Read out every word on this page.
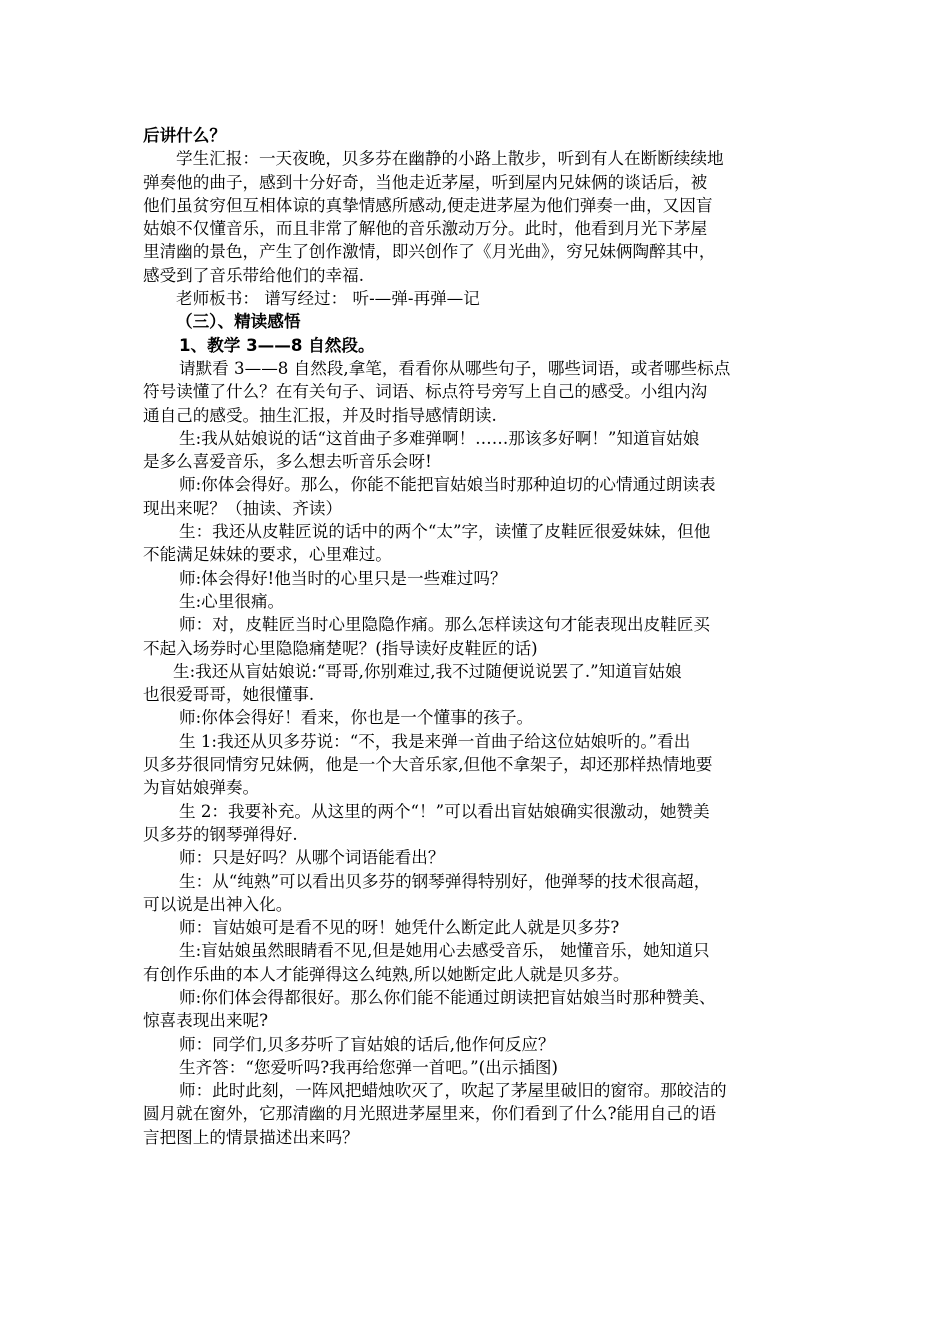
后讲什么？
学生汇报：一天夜晚，贝多芬在幽静的小路上散步，听到有人在断断续续地
弹奏他的曲子，感到十分好奇，当他走近茅屋，听到屋内兄妹俩的谈话后，被
他们虽贫穷但互相体谅的真挚情感所感动,便走进茅屋为他们弹奏一曲，又因盲
姑娘不仅懂音乐，而且非常了解他的音乐激动万分。此时，他看到月光下茅屋
里清幽的景色，产生了创作激情，即兴创作了《月光曲》，穷兄妹俩陶醉其中，
感受到了音乐带给他们的幸福.
老师板书： 谱写经过： 听-—弹-再弹—记
（三）、精读感悟
1、教学 3——8 自然段。
请默看 3——8 自然段,拿笔，看看你从哪些句子，哪些词语，或者哪些标点
符号读懂了什么？在有关句子、词语、标点符号旁写上自己的感受。小组内沟
通自己的感受。抽生汇报，并及时指导感情朗读.
生:我从姑娘说的话“这首曲子多难弹啊！……那该多好啊！”知道盲姑娘
是多么喜爱音乐，多么想去听音乐会呀!
师:你体会得好。那么，你能不能把盲姑娘当时那种迫切的心情通过朗读表
现出来呢？（抽读、齐读）
生：我还从皮鞋匠说的话中的两个“太”字，读懂了皮鞋匠很爱妹妹，但他
不能满足妹妹的要求，心里难过。
师:体会得好!他当时的心里只是一些难过吗？
生:心里很痛。
师：对，皮鞋匠当时心里隐隐作痛。那么怎样读这句才能表现出皮鞋匠买
不起入场券时心里隐隐痛楚呢？(指导读好皮鞋匠的话)
生:我还从盲姑娘说:“哥哥,你别难过,我不过随便说说罢了.”知道盲姑娘
也很爱哥哥，她很懂事.
师:你体会得好！看来，你也是一个懂事的孩子。
生 1:我还从贝多芬说：“不，我是来弹一首曲子给这位姑娘听的。”看出
贝多芬很同情穷兄妹俩，他是一个大音乐家,但他不拿架子，却还那样热情地要
为盲姑娘弹奏。
生 2：我要补充。从这里的两个“！”可以看出盲姑娘确实很激动，她赞美
贝多芬的钢琴弹得好.
师：只是好吗？从哪个词语能看出？
生：从“纯熟”可以看出贝多芬的钢琴弹得特别好，他弹琴的技术很高超，
可以说是出神入化。
师：盲姑娘可是看不见的呀！她凭什么断定此人就是贝多芬?
生:盲姑娘虽然眼睛看不见,但是她用心去感受音乐， 她懂音乐，她知道只
有创作乐曲的本人才能弹得这么纯熟,所以她断定此人就是贝多芬。
师:你们体会得都很好。那么你们能不能通过朗读把盲姑娘当时那种赞美、
惊喜表现出来呢?
师：同学们,贝多芬听了盲姑娘的话后,他作何反应？
生齐答：“您爱听吗?我再给您弹一首吧。”(出示插图)
师：此时此刻，一阵风把蜡烛吹灭了，吹起了茅屋里破旧的窗帘。那皎洁的
圆月就在窗外，它那清幽的月光照进茅屋里来，你们看到了什么?能用自己的语
言把图上的情景描述出来吗？
